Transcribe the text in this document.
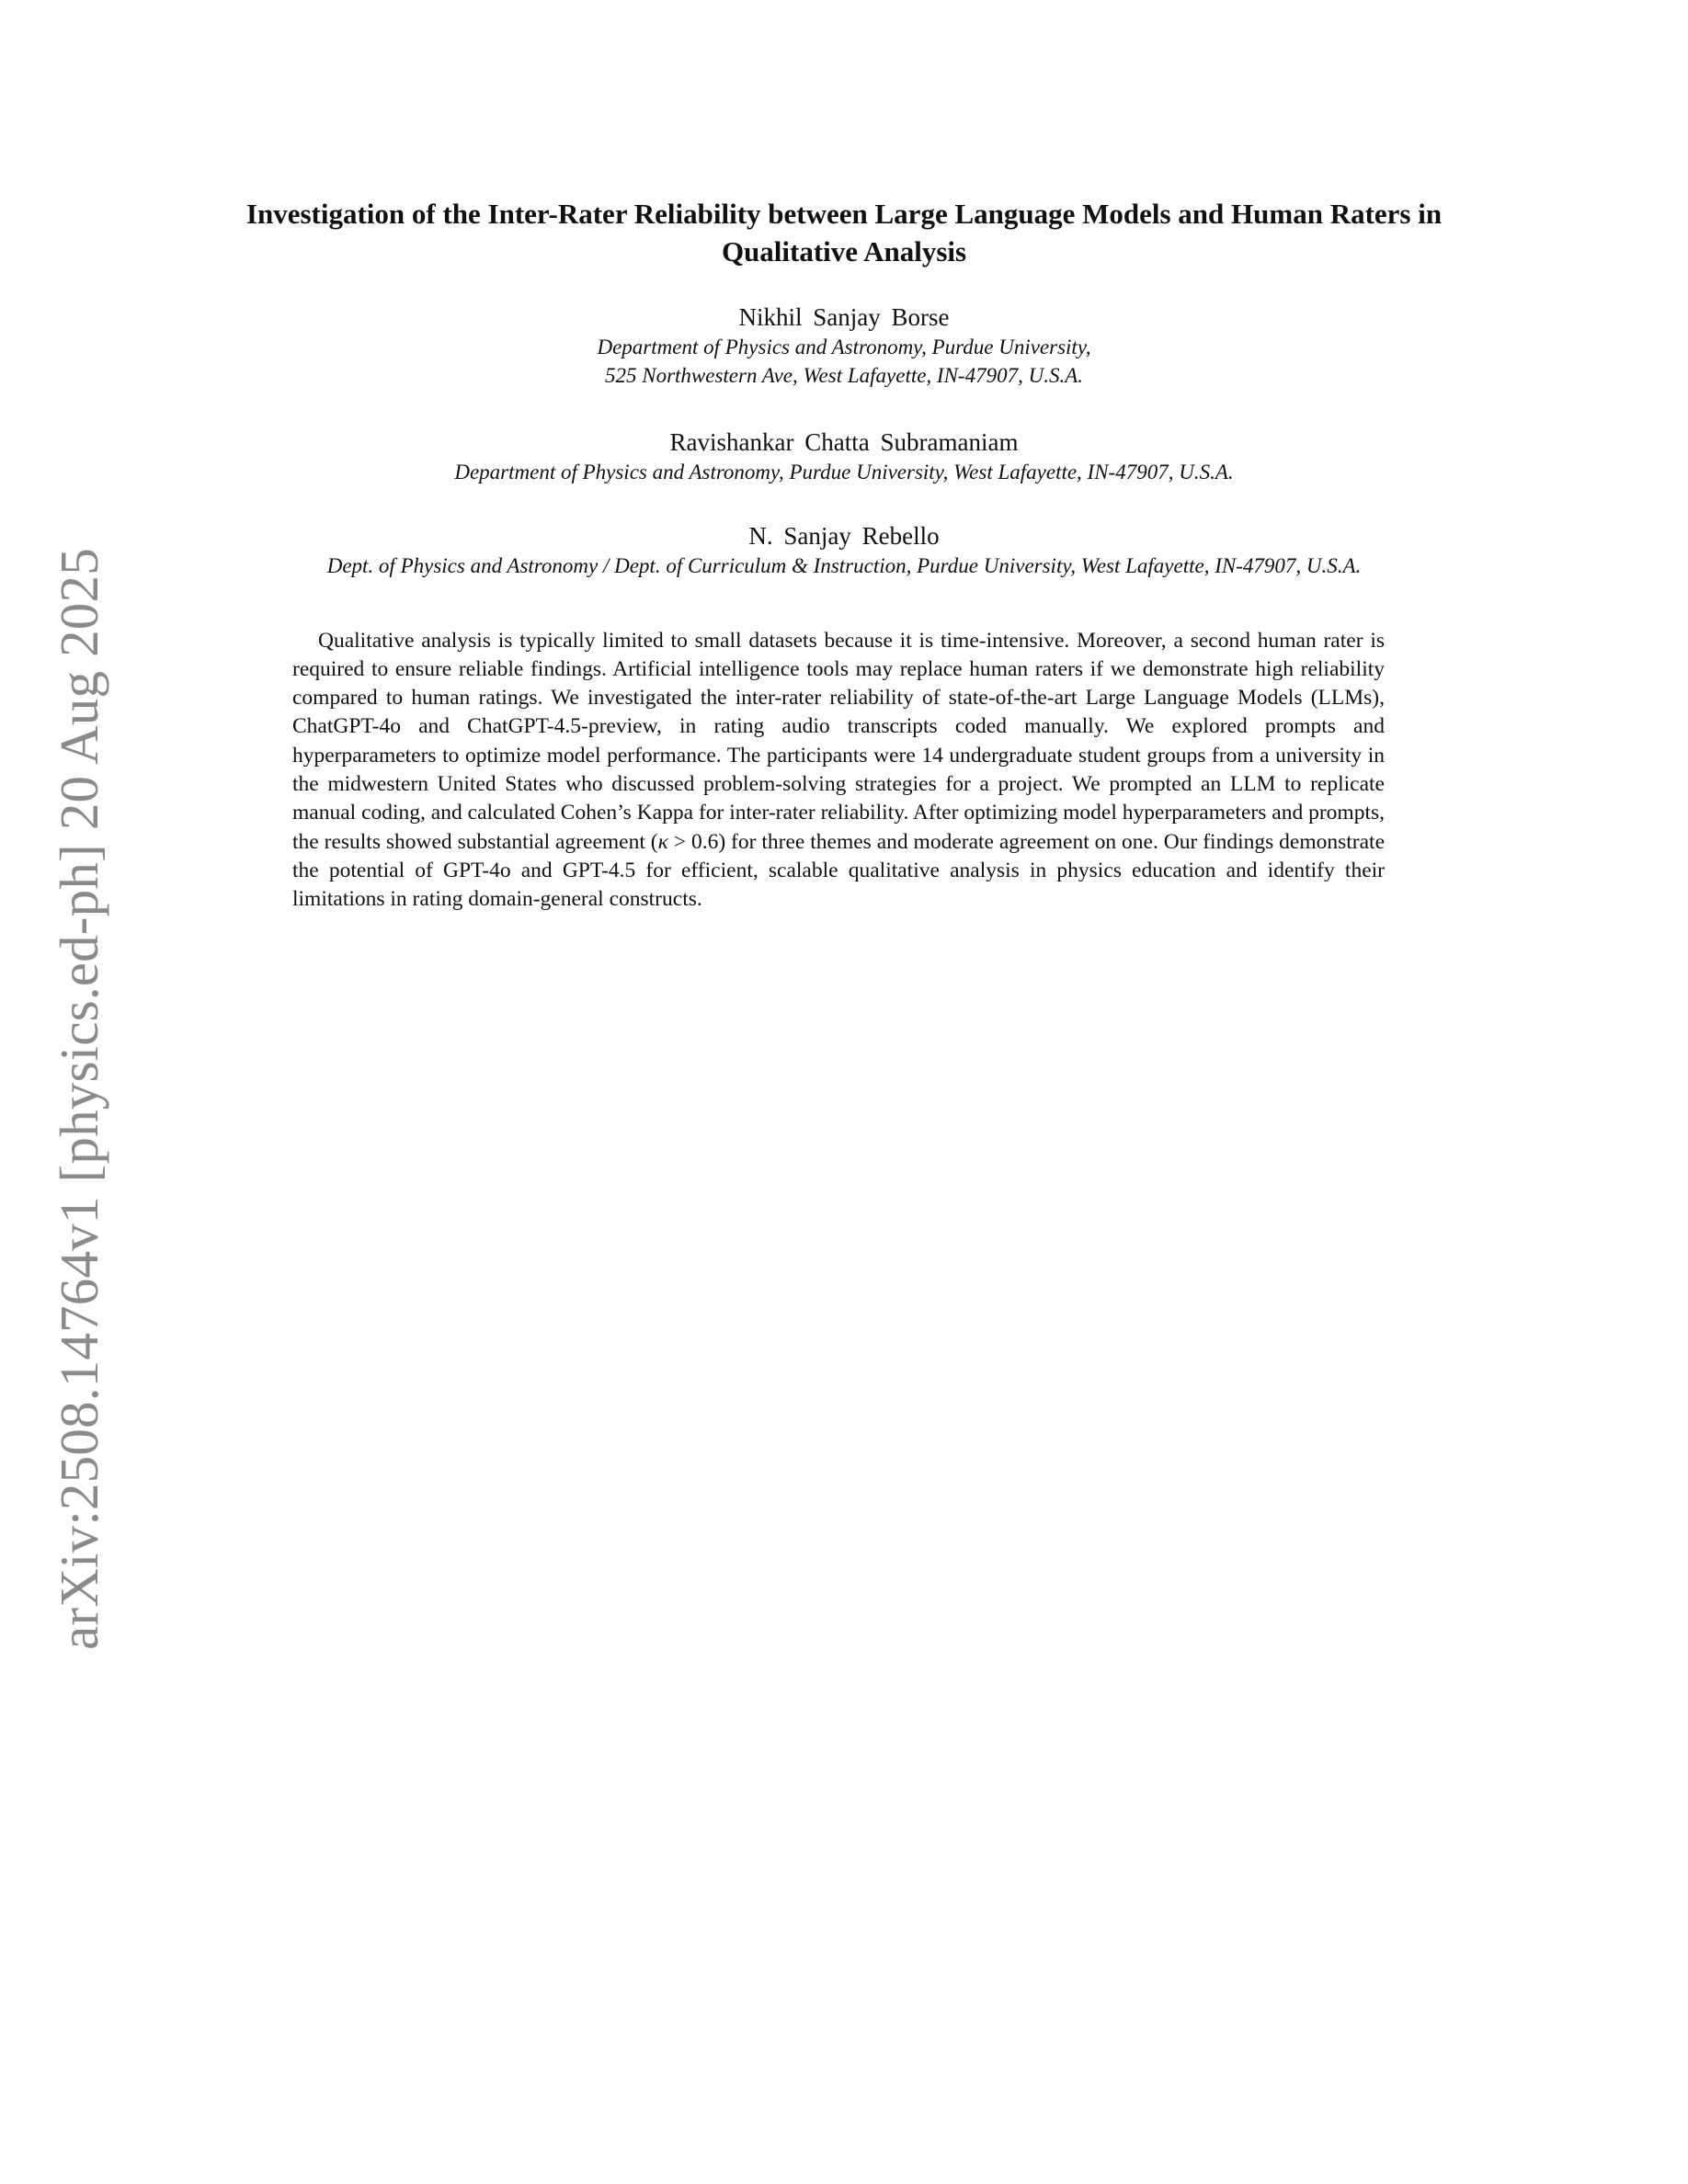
arXiv:2508.14764v1 [physics.ed-ph] 20 Aug 2025
Investigation of the Inter-Rater Reliability between Large Language Models and Human Raters in
Qualitative Analysis
Nikhil Sanjay Borse
Department of Physics and Astronomy, Purdue University,
525 Northwestern Ave, West Lafayette, IN-47907, U.S.A.
Ravishankar Chatta Subramaniam
Department of Physics and Astronomy, Purdue University, West Lafayette, IN-47907, U.S.A.
N. Sanjay Rebello
Dept. of Physics and Astronomy / Dept. of Curriculum & Instruction, Purdue University, West Lafayette, IN-47907, U.S.A.

Qualitative analysis is typically limited to small datasets because it is time-intensive. Moreover, a second human rater is required to ensure reliable findings. Artificial intelligence tools may replace human raters if we demonstrate high reliability compared to human ratings. We investigated the inter-rater reliability of state-of-the-art Large Language Models (LLMs), ChatGPT-4o and ChatGPT-4.5-preview, in rating audio transcripts coded manually. We explored prompts and hyperparameters to optimize model performance. The participants were 14 undergraduate student groups from a university in the midwestern United States who discussed problem-solving strategies for a project. We prompted an LLM to replicate manual coding, and calculated Cohen’s Kappa for inter-rater reliability. After optimizing model hyperparameters and prompts, the results showed substantial agreement (κ > 0.6) for three themes and moderate agreement on one. Our findings demonstrate the potential of GPT-4o and GPT-4.5 for efficient, scalable qualitative analysis in physics education and identify their limitations in rating domain-general constructs.
